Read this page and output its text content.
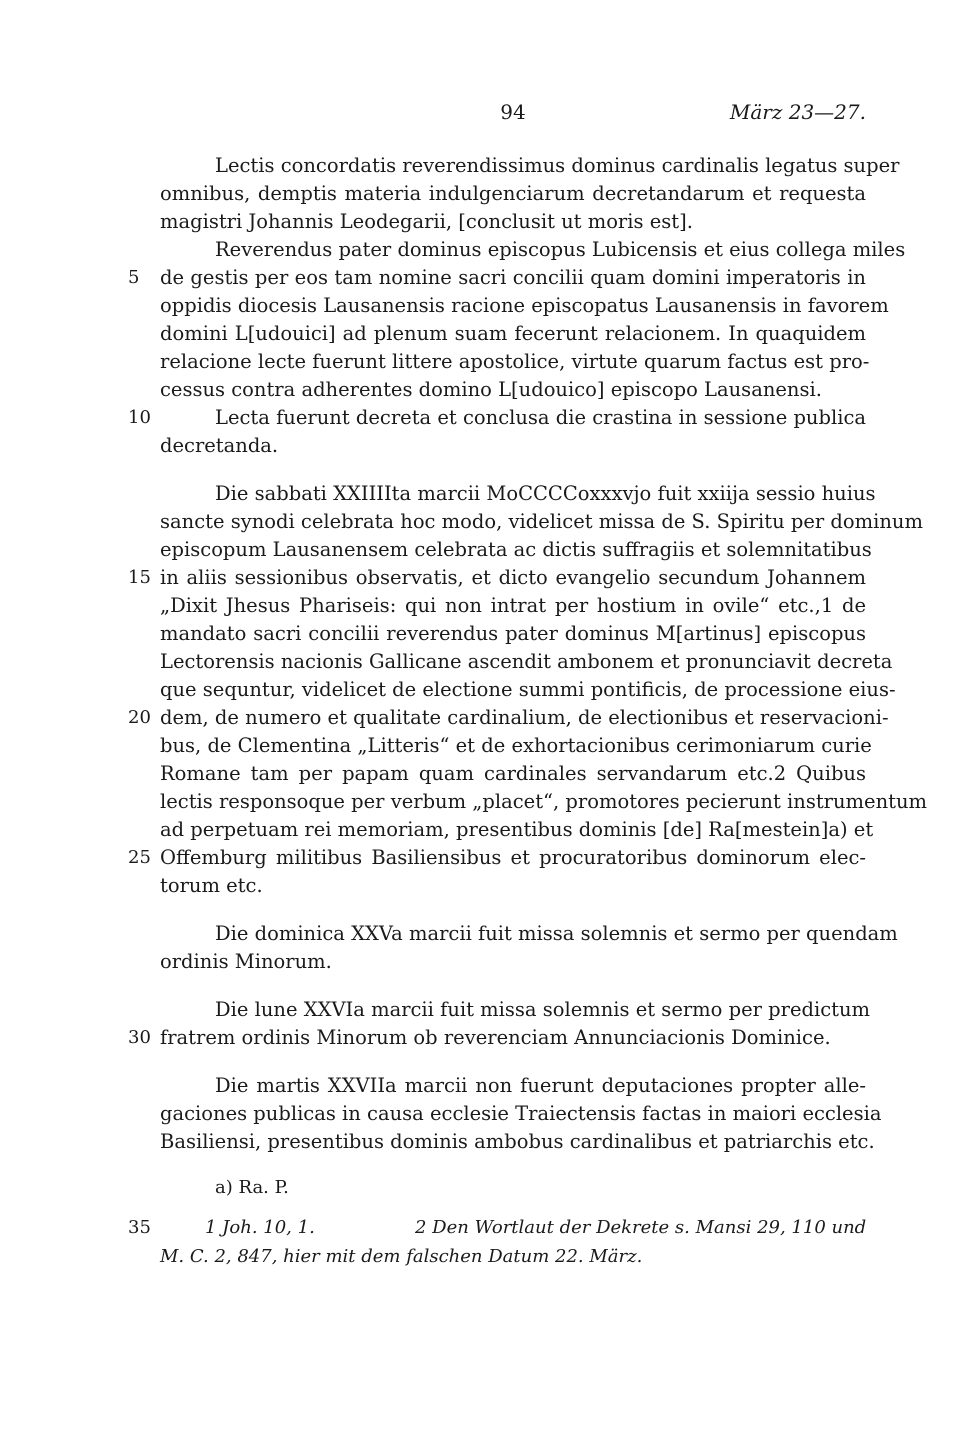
94	März 23—27.
Lectis concordatis reverendissimus dominus cardinalis legatus super
omnibus, demptis materia indulgenciarum decretandarum et requesta
magistri Johannis Leodegarii, [conclusit ut moris est].
Reverendus pater dominus episcopus Lubicensis et eius collega miles
de gestis per eos tam nomine sacri concilii quam domini imperatoris in
5
oppidis diocesis Lausanensis racione episcopatus Lausanensis in favorem
domini L[udouici] ad plenum suam fecerunt relacionem. In quaquidem
relacione lecte fuerunt littere apostolice, virtute quarum factus est pro-
cessus contra adherentes domino L[udouico] episcopo Lausanensi.
Lecta fuerunt decreta et conclusa die crastina in sessione publica
10
decretanda.
Die sabbati XXIIIIta marcii MoCCCCoxxxvjo fuit xxiija sessio huius
sancte synodi celebrata hoc modo, videlicet missa de S. Spiritu per dominum
episcopum Lausanensem celebrata ac dictis suffragiis et solemnitatibus
in aliis sessionibus observatis, et dicto evangelio secundum Johannem
15
„Dixit Jhesus Phariseis: qui non intrat per hostium in ovile“ etc.,1 de
mandato sacri concilii reverendus pater dominus M[artinus] episcopus
Lectorensis nacionis Gallicane ascendit ambonem et pronunciavit decreta
que sequntur, videlicet de electione summi pontificis, de processione eius-
dem, de numero et qualitate cardinalium, de electionibus et reservacioni-
20
bus, de Clementina „Litteris“ et de exhortacionibus cerimoniarum curie
Romane tam per papam quam cardinales servandarum etc.2 Quibus
lectis responsoque per verbum „placet“, promotores pecierunt instrumentum
ad perpetuam rei memoriam, presentibus dominis [de] Ra[mestein]a) et
Offemburg militibus Basiliensibus et procuratoribus dominorum elec-
25
torum etc.
Die dominica XXVa marcii fuit missa solemnis et sermo per quendam
ordinis Minorum.
Die lune XXVIa marcii fuit missa solemnis et sermo per predictum
fratrem ordinis Minorum ob reverenciam Annunciacionis Dominice.
30
Die martis XXVIIa marcii non fuerunt deputaciones propter alle-
gaciones publicas in causa ecclesie Traiectensis factas in maiori ecclesia
Basiliensi, presentibus dominis ambobus cardinalibus et patriarchis etc.
a) Ra. P.
35	1 Joh. 10, 1.	2 Den Wortlaut der Dekrete s. Mansi 29, 110 und
M. C. 2, 847, hier mit dem falschen Datum 22. März.
